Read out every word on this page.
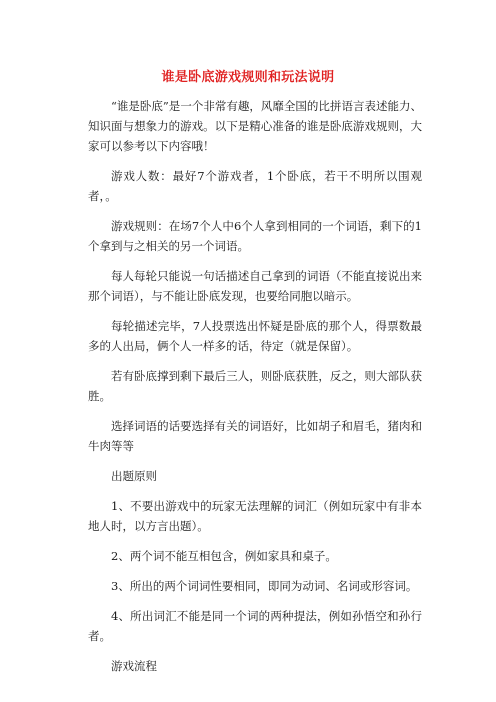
谁是卧底游戏规则和玩法说明

“谁是卧底”是一个非常有趣，风靡全国的比拼语言表述能力、知识面与想象力的游戏。以下是精心准备的谁是卧底游戏规则，大家可以参考以下内容哦！

游戏人数：最好7个游戏者，1个卧底，若干不明所以围观者，。

游戏规则：在场7个人中6个人拿到相同的一个词语，剩下的1个拿到与之相关的另一个词语。

每人每轮只能说一句话描述自己拿到的词语（不能直接说出来那个词语），与不能让卧底发现，也要给同胞以暗示。

每轮描述完毕，7人投票选出怀疑是卧底的那个人，得票数最多的人出局，俩个人一样多的话，待定（就是保留）。

若有卧底撑到剩下最后三人，则卧底获胜，反之，则大部队获胜。

选择词语的话要选择有关的词语好，比如胡子和眉毛，猪肉和牛肉等等

出题原则

1、不要出游戏中的玩家无法理解的词汇（例如玩家中有非本地人时，以方言出题）。

2、两个词不能互相包含，例如家具和桌子。

3、所出的两个词词性要相同，即同为动词、名词或形容词。

4、所出词汇不能是同一个词的两种提法，例如孙悟空和孙行者。

游戏流程
